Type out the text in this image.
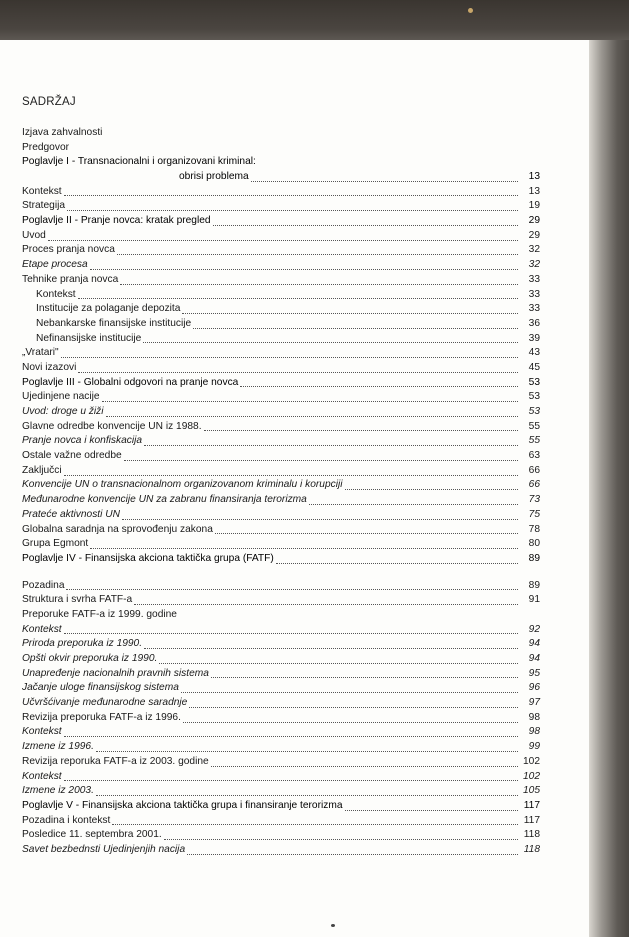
SADRŽAJ
Izjava zahvalnosti
Predgovor
Poglavlje I - Transnacionalni i organizovani kriminal:
obrisi problema	13
Kontekst	13
Strategija	19
Poglavlje II - Pranje novca: kratak pregled	29
Uvod	29
Proces pranja novca	32
Etape procesa	32
Tehnike pranja novca	33
Kontekst	33
Institucije za polaganje depozita	33
Nebankarske finansijske institucije	36
Nefinansijske institucije	39
„Vratari"	43
Novi izazovi	45
Poglavlje III - Globalni odgovori na pranje novca	53
Ujedinjene nacije	53
Uvod: droge u žiži	53
Glavne odredbe konvencije UN iz 1988.	55
Pranje novca i konfiskacija	55
Ostale važne odredbe	63
Zaključci	66
Konvencije UN o transnacionalnom organizovanom kriminalu i korupciji	66
Međunarodne konvencije UN za zabranu finansiranja terorizma	73
Prateće aktivnosti UN	75
Globalna saradnja na sprovođenju zakona	78
Grupa Egmont	80
Poglavlje IV - Finansijska akciona taktička grupa (FATF)	89
Pozadina	89
Struktura i svrha FATF-a	91
Preporuke FATF-a iz 1999. godine
Kontekst	92
Priroda preporuka iz 1990.	94
Opšti okvir preporuka iz 1990.	94
Unapređenje nacionalnih pravnih sistema	95
Jačanje uloge finansijskog sistema	96
Učvršćivanje međunarodne saradnje	97
Revizija preporuka FATF-a iz 1996.	98
Kontekst	98
Izmene iz 1996.	99
Revizija reporuka FATF-a iz 2003. godine	102
Kontekst	102
Izmene iz 2003.	105
Poglavlje V - Finansijska akciona taktička grupa i finansiranje terorizma	117
Pozadina i kontekst	117
Posledice 11. septembra 2001.	118
Savet bezbednsti Ujedinjenjih nacija	118
